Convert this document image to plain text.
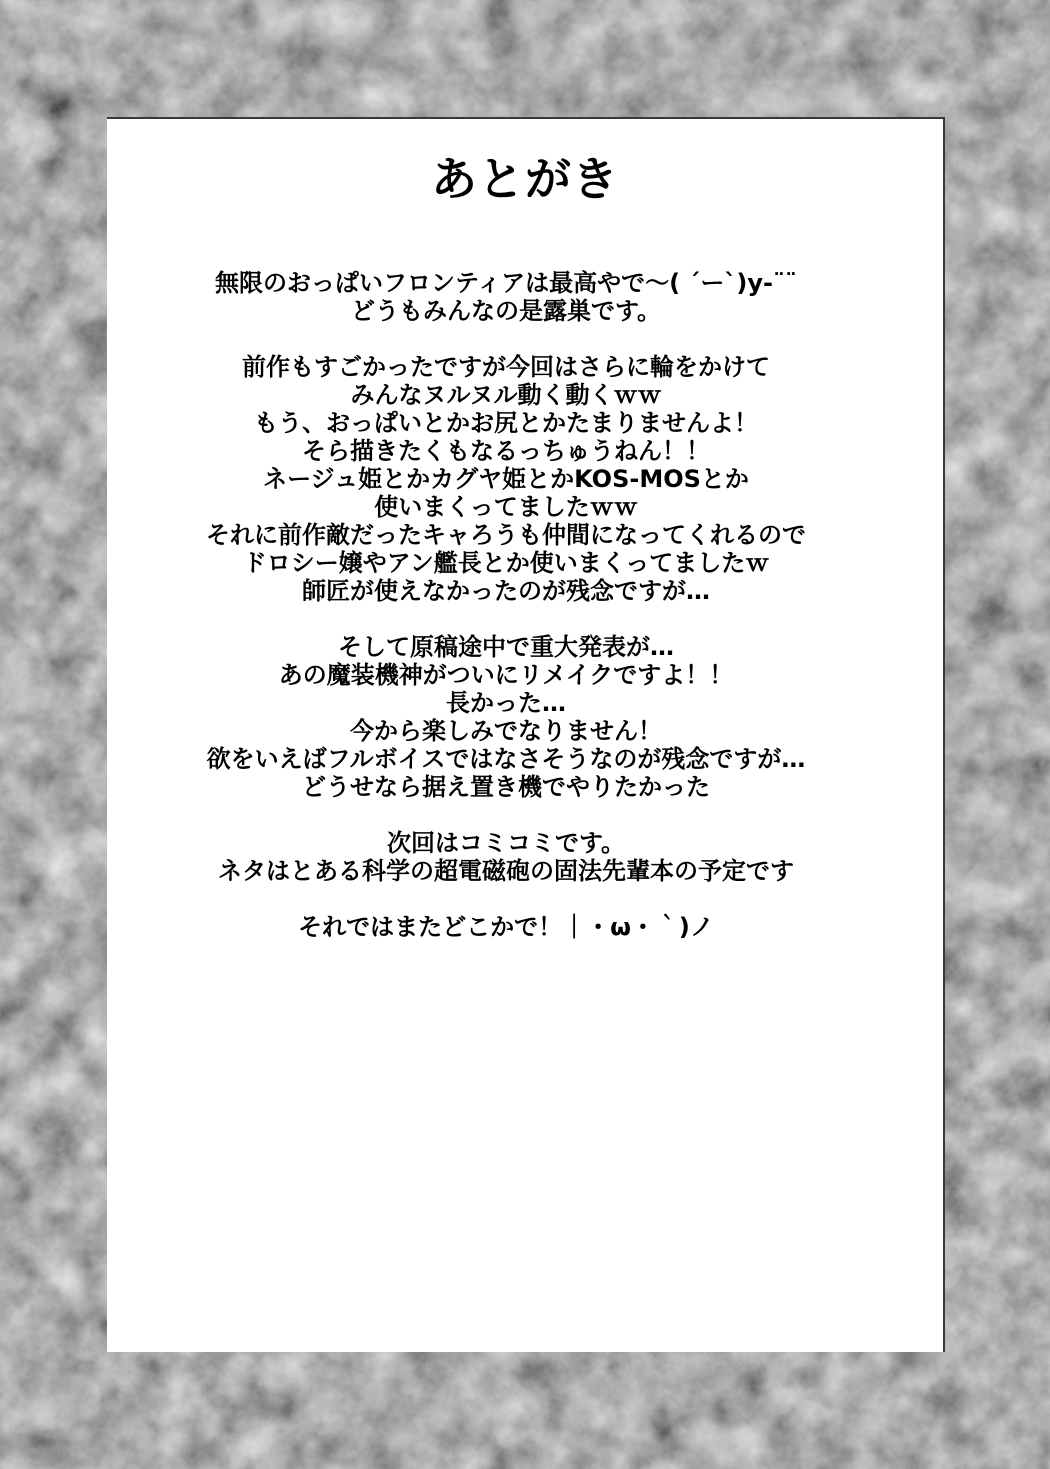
あとがき
無限のおっぱいフロンティアは最高やで～( ´ー`)y-¨¨
どうもみんなの是露巣です。
前作もすごかったですが今回はさらに輪をかけて
みんなヌルヌル動く動くｗｗ
もう、おっぱいとかお尻とかたまりませんよ！
そら描きたくもなるっちゅうねん！！
ネージュ姫とかカグヤ姫とかKOS-MOSとか
使いまくってましたｗｗ
それに前作敵だったキャろうも仲間になってくれるので
ドロシー嬢やアン艦長とか使いまくってましたｗ
師匠が使えなかったのが残念ですが…
そして原稿途中で重大発表が…
あの魔装機神がついにリメイクですよ！！
長かった…
今から楽しみでなりません！
欲をいえばフルボイスではなさそうなのが残念ですが…
どうせなら据え置き機でやりたかった
次回はコミコミです。
ネタはとある科学の超電磁砲の固法先輩本の予定です
それではまたどこかで！｜・ω・｀)ノ
